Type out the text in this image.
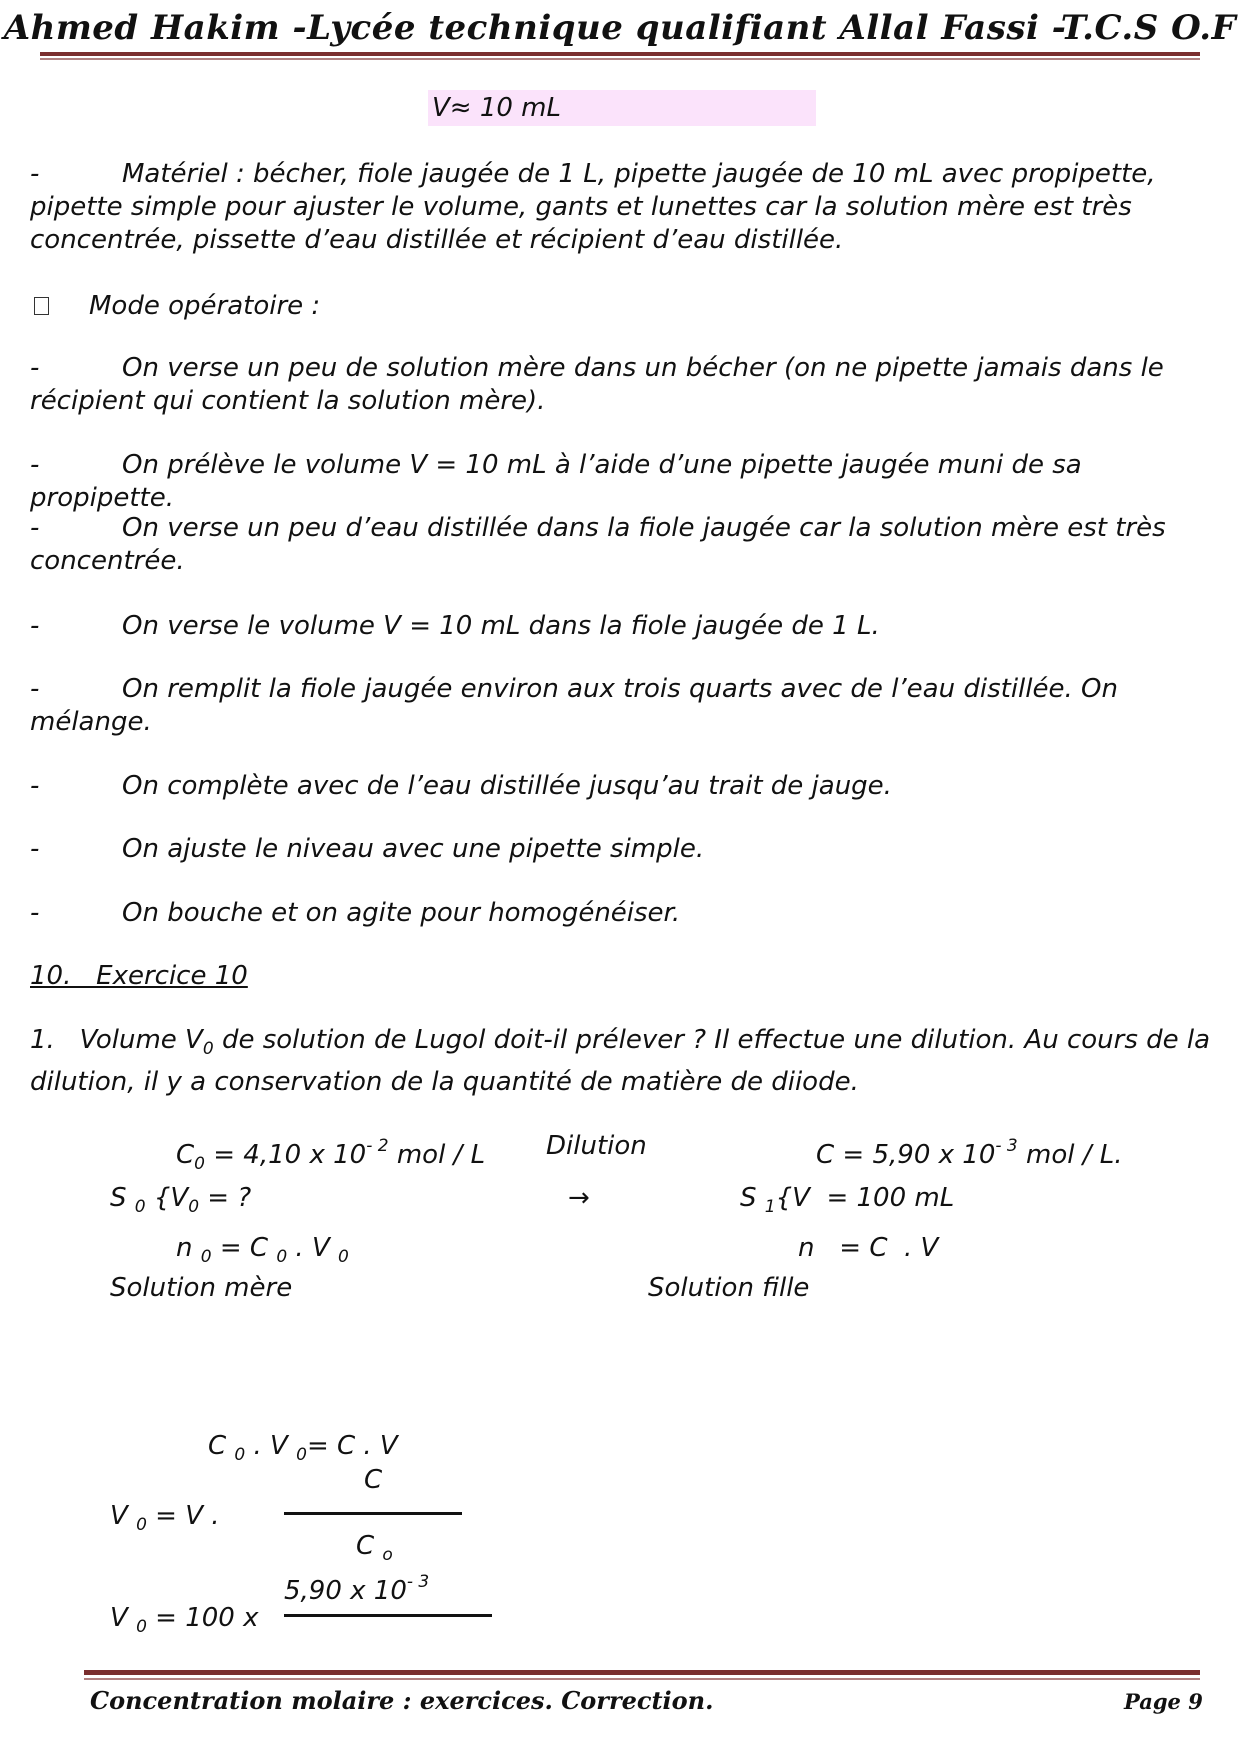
Ahmed Hakim -Lycée technique qualifiant Allal Fassi -T.C.S O.F
V≈ 10 mL
-	Matériel : bécher, fiole jaugée de 1 L, pipette jaugée de 10 mL avec propipette, pipette simple pour ajuster le volume, gants et lunettes car la solution mère est très concentrée, pissette d’eau distillée et récipient d’eau distillée.
Mode opératoire :
-	On verse un peu de solution mère dans un bécher (on ne pipette jamais dans le récipient qui contient la solution mère).
-	On prélève le volume V = 10 mL à l’aide d’une pipette jaugée muni de sa propipette.
-	On verse un peu d’eau distillée dans la fiole jaugée car la solution mère est très concentrée.
-	On verse le volume V = 10 mL dans la fiole jaugée de 1 L.
-	On remplit la fiole jaugée environ aux trois quarts avec de l’eau distillée. On mélange.
-	On complète avec de l’eau distillée jusqu’au trait de jauge.
-	On ajuste le niveau avec une pipette simple.
-	On bouche et on agite pour homogénéiser.
10.   Exercice 10
1.   Volume $V_0$ de solution de Lugol doit-il prélever ? Il effectue une dilution. Au cours de la dilution, il y a conservation de la quantité de matière de diiode.
$C_0 = 4,10$ x $10^{- 2}$ mol / L Dilution	C = 5,90 x $10^{- 3}$ mol / L.
S $_0$ {$V_0$ = ?	→	S $_1${V  = 100 mL
n $_0$ = C $_0$ . V $_0$	n   = C  . V
Solution mère	Solution fille
C $_0$ . V $_0$= C . V
C
V $_0$ = V .
C $_o$
5,90 x $10^{- 3}$
V $_0$ = 100 x
Concentration molaire : exercices. Correction.	Page 9
